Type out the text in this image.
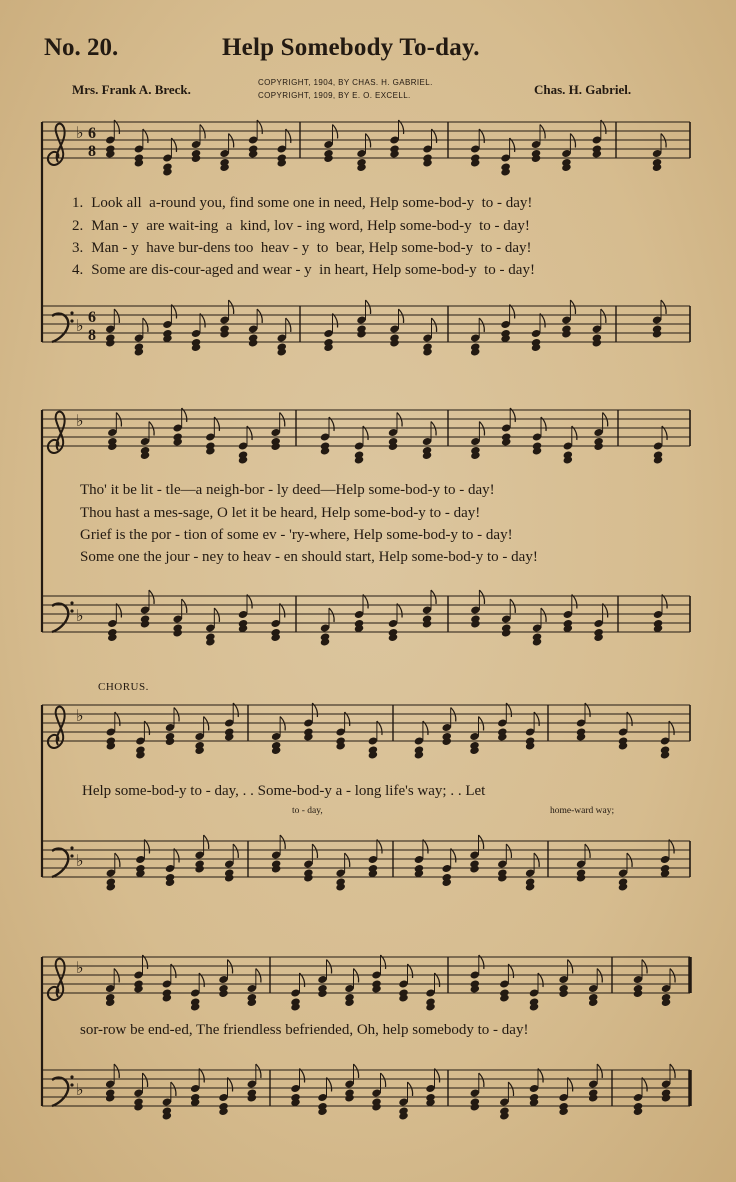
No. 20.	Help Somebody To-day.
Mrs. Frank A. Breck.	COPYRIGHT, 1904, BY CHAS. H. GABRIEL.
COPYRIGHT, 1909, BY E. O. EXCELL.	Chas. H. Gabriel.
♭
♭
♭
♭
♭
♭
♭
♭
6
8
6
8
1. Look all  a-round you, find some one in need, Help some-bod-y  to - day!
2. Man - y  are wait-ing  a  kind, lov - ing word, Help some-bod-y  to - day!
3. Man - y  have bur-dens too  heav - y  to  bear, Help some-bod-y  to - day!
4. Some are dis-cour-aged and wear - y  in heart, Help some-bod-y  to - day!
Tho' it be lit - tle—a neigh-bor - ly deed—Help some-bod-y to - day!
Thou hast a mes-sage, O let it be heard, Help some-bod-y to - day!
Grief is the por - tion of some ev - 'ry-where, Help some-bod-y to - day!
Some one the jour - ney to heav - en should start, Help some-bod-y to - day!
CHORUS.
Help some-bod-y to - day, . . Some-bod-y a - long life's way; . . Let
to - day,	home-ward way;
sor-row be end-ed, The friendless befriended, Oh, help somebody to - day!
